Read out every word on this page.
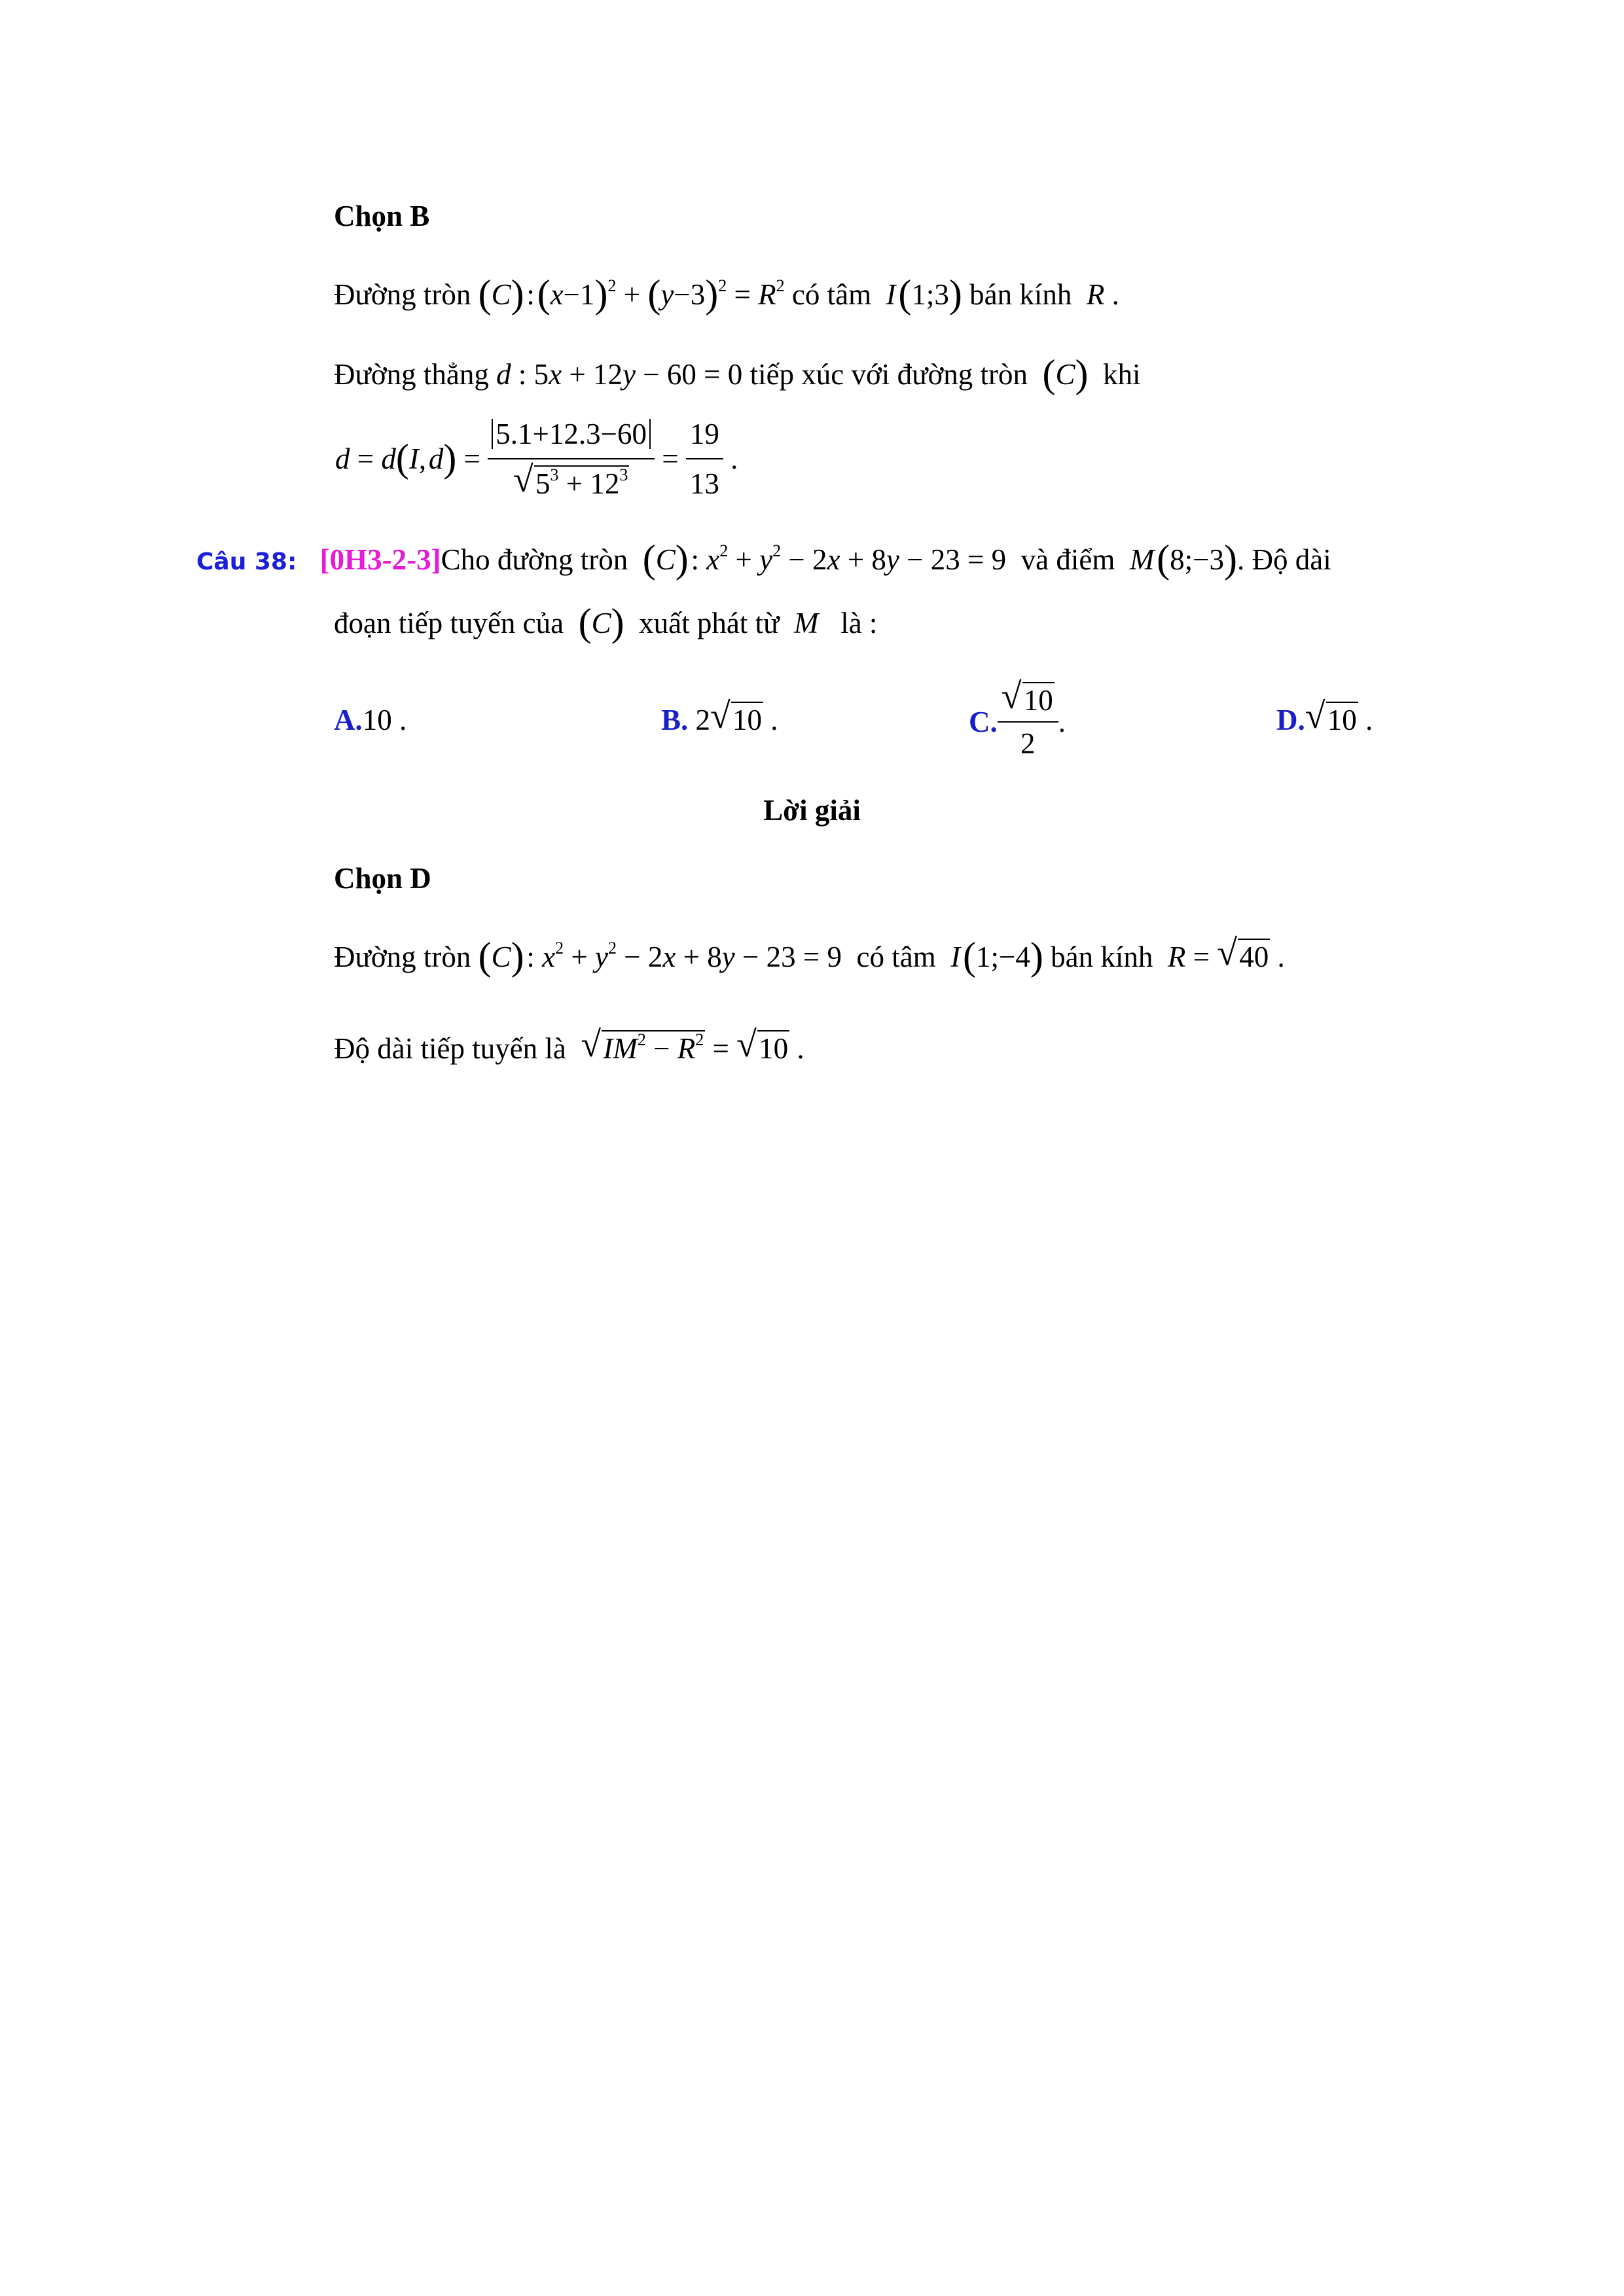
Chọn B
Đường tròn (C) : $(x-1)^2 + (y-3)^2 = R^2$ có tâm I (1;3) bán kính R .
Đường thẳng d : 5x + 12y − 60 = 0 tiếp xúc với đường tròn (C) khi
d = d(I, d) = 5.1+12.3−60
√ $5^3 + 12^3 = \frac{19}{13}$ .
Câu 38: [0H3-2-3]Cho đường tròn (C) : $x^2 + y^2 - 2x + 8y - 23 = 9$  và điểm M (8;−3). Độ dài
đoạn tiếp tuyến của (C) xuất phát từ M là :
A.10 .	B. 2 √ 10 .	C. √ $\frac{10}{2}$ .	D. √ 10 .
Lời giải
Chọn D
Đường tròn (C) : $x^2 + y^2 - 2x + 8y - 23 = 9$  có tâm I (1;−4) bán kính R = √ 40 .
Độ dài tiếp tuyến là √ $IM^2 - R^2$ = √ 10 .
